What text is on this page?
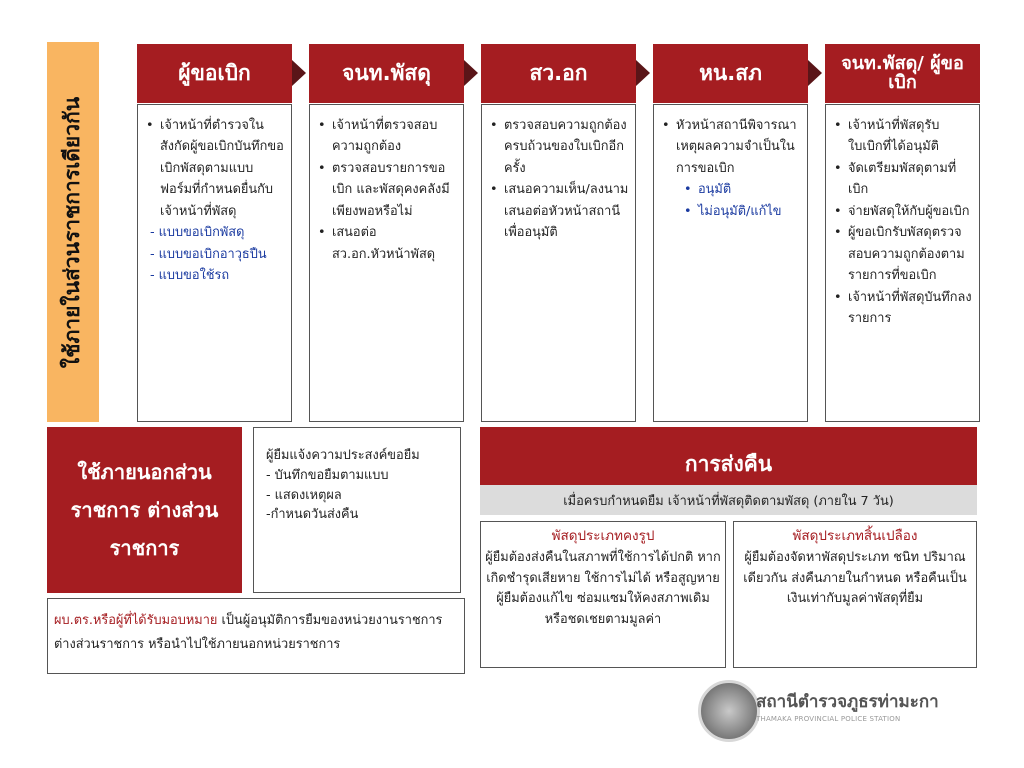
ใช้ภายในส่วนราชการเดียวกัน
ผู้ขอเบิก	จนท.พัสดุ	สว.อก	หน.สภ	จนท.พัสดุ/ ผู้ขอเบิก
• เจ้าหน้าที่ตำรวจในสังกัดผู้ขอเบิกบันทึกขอเบิกพัสดุตามแบบฟอร์มที่กำหนดยื่นกับเจ้าหน้าที่พัสดุ
- แบบขอเบิกพัสดุ
- แบบขอเบิกอาวุธปืน
- แบบขอใช้รถ
• เจ้าหน้าที่ตรวจสอบความถูกต้อง
• ตรวจสอบรายการขอเบิก และพัสดุคงคลังมีเพียงพอหรือไม่
• เสนอต่อ สว.อก.หัวหน้าพัสดุ
• ตรวจสอบความถูกต้องครบถ้วนของใบเบิกอีกครั้ง
• เสนอความเห็น/ลงนามเสนอต่อหัวหน้าสถานี เพื่ออนุมัติ
• หัวหน้าสถานีพิจารณาเหตุผลความจำเป็นในการขอเบิก
• อนุมัติ
• ไม่อนุมัติ/แก้ไข
• เจ้าหน้าที่พัสดุรับใบเบิกที่ได้อนุมัติ
• จัดเตรียมพัสดุตามที่เบิก
• จ่ายพัสดุให้กับผู้ขอเบิก
• ผู้ขอเบิกรับพัสดุตรวจสอบความถูกต้องตามรายการที่ขอเบิก
• เจ้าหน้าที่พัสดุบันทึกลงรายการ
ใช้ภายนอกส่วนราชการ ต่างส่วนราชการ
ผู้ยืมแจ้งความประสงค์ขอยืม
- บันทึกขอยืมตามแบบ
- แสดงเหตุผล
-กำหนดวันส่งคืน
ผบ.ตร.หรือผู้ที่ได้รับมอบหมาย เป็นผู้อนุมัติการยืมของหน่วยงานราชการต่างส่วนราชการ หรือนำไปใช้ภายนอกหน่วยราชการ
การส่งคืน
เมื่อครบกำหนดยืม เจ้าหน้าที่พัสดุติดตามพัสดุ (ภายใน 7 วัน)
พัสดุประเภทคงรูป
ผู้ยืมต้องส่งคืนในสภาพที่ใช้การได้ปกติ หากเกิดชำรุดเสียหาย ใช้การไม่ได้ หรือสูญหาย ผู้ยืมต้องแก้ไข ซ่อมแซมให้คงสภาพเดิมหรือชดเชยตามมูลค่า
พัสดุประเภทสิ้นเปลือง
ผู้ยืมต้องจัดหาพัสดุประเภท ชนิท ปริมาณ เดียวกัน ส่งคืนภายในกำหนด หรือคืนเป็นเงินเท่ากับมูลค่าพัสดุที่ยืม
สถานีตำรวจภูธรท่ามะกา
THAMAKA PROVINCIAL POLICE STATION
